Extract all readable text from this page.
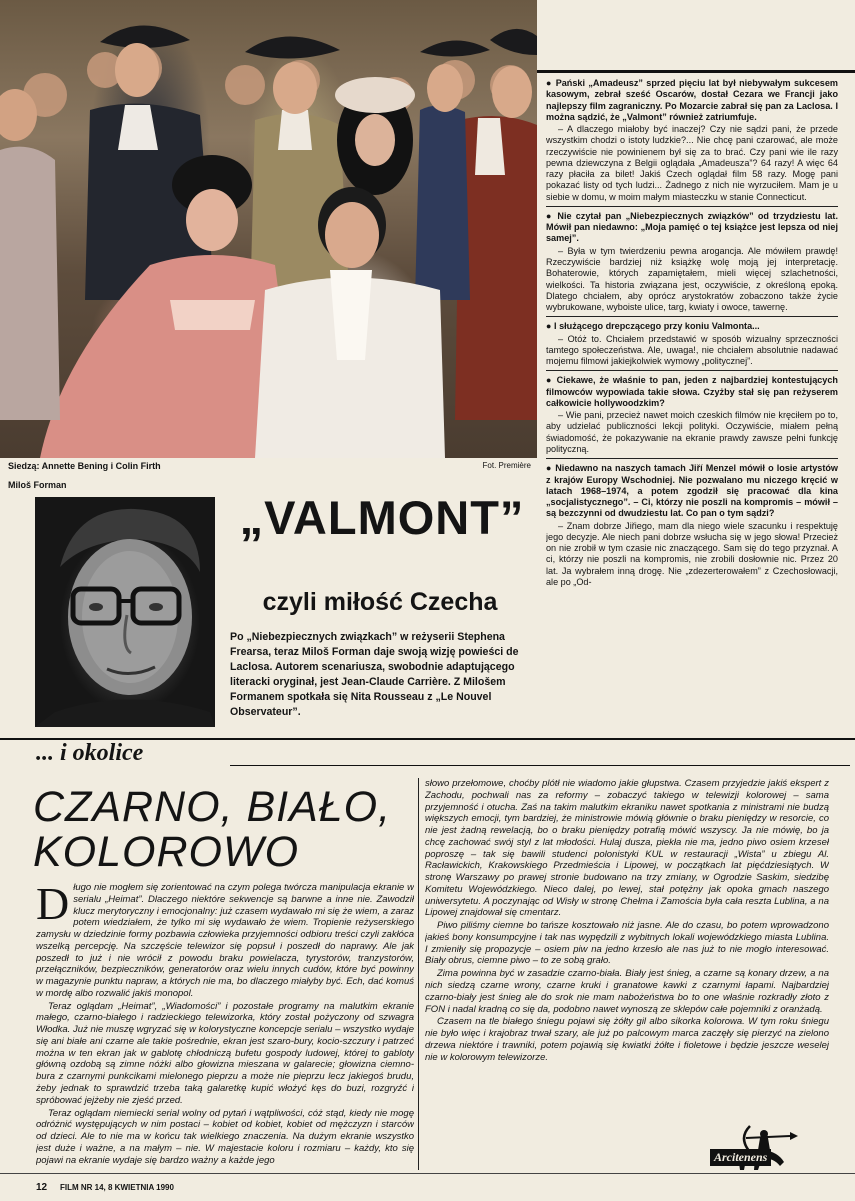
Siedzą: Annette Bening i Colin Firth	Fot. Première
Miloš Forman
„VALMONT”
czyli miłość Czecha

Po „Niebezpiecznych związkach” w reżyserii Stephena Frearsa, teraz Miloš Forman daje swoją wizję powieści de Laclosa. Autorem scenariusza, swobodnie adaptującego literacki oryginał, jest Jean-Claude Carrière. Z Milošem Formanem spotkała się Nita Rousseau z „Le Nouvel Observateur”.

● Pański „Amadeusz” sprzed pięciu lat był niebywałym sukcesem kasowym, zebrał sześć Oscarów, dostał Cezara we Francji jako najlepszy film zagraniczny. Po Mozarcie zabrał się pan za Laclosa. I można sądzić, że „Valmont” również zatriumfuje.

– A dlaczego miałoby być inaczej? Czy nie sądzi pani, że przede wszystkim chodzi o istoty ludzkie?... Nie chcę pani czarować, ale może rzeczywiście nie powinienem był się za to brać. Czy pani wie ile razy pewna dziewczyna z Belgii oglądała „Amadeusza”? 64 razy! A więc 64 razy płaciła za bilet! Jakiś Czech oglądał film 58 razy. Mogę pani pokazać listy od tych ludzi... Żadnego z nich nie wyrzuciłem. Mam je u siebie w domu, w moim małym miasteczku w stanie Connecticut.

● Nie czytał pan „Niebezpiecznych związków” od trzydziestu lat. Mówił pan niedawno: „Moja pamięć o tej książce jest lepsza od niej samej”.

– Była w tym twierdzeniu pewna arogancja. Ale mówiłem prawdę! Rzeczywiście bardziej niż książkę wolę moją jej interpretację. Bohaterowie, których zapamiętałem, mieli więcej szlachetności, wielkości. Ta historia związana jest, oczywiście, z określoną epoką. Dlatego chciałem, aby oprócz arystokratów zobaczono także życie wybrukowane, wyboiste ulice, targ, kwiaty i owoce, tawernę.

● I służącego drepczącego przy koniu Valmonta...

– Otóż to. Chciałem przedstawić w sposób wizualny sprzeczności tamtego społeczeństwa. Ale, uwaga!, nie chciałem absolutnie nadawać mojemu filmowi jakiejkolwiek wymowy „politycznej”.

● Ciekawe, że właśnie to pan, jeden z najbardziej kontestujących filmowców wypowiada takie słowa. Czyżby stał się pan reżyserem całkowicie hollywoodzkim?

– Wie pani, przecież nawet moich czeskich filmów nie kręciłem po to, aby udzielać publiczności lekcji polityki. Oczywiście, miałem pełną świadomość, że pokazywanie na ekranie prawdy zawsze pełni funkcję polityczną.

● Niedawno na naszych tamach Jiří Menzel mówił o losie artystów z krajów Europy Wschodniej. Nie pozwalano mu niczego kręcić w latach 1968–1974, a potem zgodził się pracować dla kina „socjalistycznego”. – Ci, którzy nie poszli na kompromis – mówił – są bezczynni od dwudziestu lat. Co pan o tym sądzi?

– Znam dobrze Jiřiego, mam dla niego wiele szacunku i respektuję jego decyzje. Ale niech pani dobrze wsłucha się w jego słowa! Przecież on nie zrobił w tym czasie nic znaczącego. Sam się do tego przyznał. A ci, którzy nie poszli na kompromis, nie zrobili dosłownie nic. Przez 20 lat. Ja wybrałem inną drogę. Nie „zdezerterowałem” z Czechosłowacji, ale po „Od-

... i okolice
CZARNO, BIAŁO,
KOLOROWO

Długo nie mogłem się zorientować na czym polega twórcza manipulacja ekranie w serialu „Heimat”. Dlaczego niektóre sekwencje są barwne a inne nie. Zawodził klucz merytoryczny i emocjonalny: już czasem wydawało mi się że wiem, a zaraz potem wiedziałem, że tylko mi się wydawało że wiem. Tropienie reżyserskiego zamysłu w dziedzinie formy pozbawia człowieka przyjemności odbioru treści czyli zakłóca wszelką percepcję. Na szczęście telewizor się popsuł i poszedł do naprawy. Ale jak poszedł to już i nie wrócił z powodu braku powielacza, tyrystorów, tranzystorów, przełączników, bezpieczników, generatorów oraz wielu innych cudów, które być powinny w magazynie punktu napraw, a których nie ma, bo dlaczego miałyby być. Ech, dać komuś w mordę albo rozwalić jakiś monopol.

Teraz oglądam „Heimat”, „Wiadomości” i pozostałe programy na malutkim ekranie małego, czarno-białego i radzieckiego telewizorka, który został pożyczony od szwagra Włodka. Już nie muszę wgryzać się w kolorystyczne koncepcje serialu – wszystko wydaje się ani białe ani czarne ale takie pośrednie, ekran jest szaro-bury, kocio-szczury i patrzeć można w ten ekran jak w gablotę chłodniczą bufetu gospody ludowej, której to gabloty główną ozdobą są zimne nóżki albo głowizna mieszana w galarecie; głowizna ciemno-bura z czarnymi punkcikami mielonego pieprzu a może nie pieprzu lecz jakiegoś brudu, żeby jednak to sprawdzić trzeba taką galaretkę kupić włożyć kęs do buzi, rozgryźć i spróbować jejżeby nie zjeść przed.

Teraz oglądam niemiecki serial wolny od pytań i wątpliwości, cóż stąd, kiedy nie mogę odróżnić występujących w nim postaci – kobiet od kobiet, kobiet od mężczyzn i starców od dzieci. Ale to nie ma w końcu tak wielkiego znaczenia. Na dużym ekranie wszystko jest duże i ważne, a na małym – nie. W majestacie koloru i rozmiaru – każdy, kto się pojawi na ekranie wydaje się bardzo ważny a każde jego

słowo przełomowe, choćby plótł nie wiadomo jakie głupstwa. Czasem przyjedzie jakiś ekspert z Zachodu, pochwali nas za reformy – zobaczyć takiego w telewizji kolorowej – sama przyjemność i otucha. Zaś na takim malutkim ekraniku nawet spotkania z ministrami nie budzą większych emocji, tym bardziej, że ministrowie mówią głównie o braku pieniędzy w resorcie, co nie jest żadną rewelacją, bo o braku pieniędzy potrafią mówić wszyscy. Ja nie mówię, bo ja chcę zachować swój styl z lat młodości. Hulaj dusza, piekła nie ma, jedno piwo osiem krzeseł poproszę – tak się bawili studenci polonistyki KUL w restauracji „Wista” u zbiegu Al. Racławickich, Krakowskiego Przedmieścia i Lipowej, w początkach lat pięćdziesiątych. W stronę Warszawy po prawej stronie budowano na trzy zmiany, w Ogrodzie Saskim, siedzibę Komitetu Wojewódzkiego. Nieco dalej, po lewej, stał potężny jak opoka gmach naszego uniwersytetu. A poczynając od Wisły w stronę Chełma i Zamościa była cała reszta Lublina, a na Lipowej znajdował się cmentarz.

Piwo piliśmy ciemne bo tańsze kosztowało niż jasne. Ale do czasu, bo potem wprowadzono jakieś bony konsumpcyjne i tak nas wypędzili z wybitnych lokali wojewódzkiego miasta Lublina. I zmieniły się propozycje – osiem piw na jedno krzesło ale nas już to nie mogło interesować. Biały obrus, ciemne piwo – to ze sobą grało.

Zima powinna być w zasadzie czarno-biała. Biały jest śnieg, a czarne są konary drzew, a na nich siedzą czarne wrony, czarne kruki i granatowe kawki z czarnymi łapami. Najbardziej czarno-biały jest śnieg ale do srok nie mam nabożeństwa bo to one właśnie rozkradły złoto z FON i nadal kradną co się da, podobno nawet wynoszą ze sklepów całe pojemniki z oranżadą.

Czasem na tle białego śniegu pojawi się żółty gil albo sikorka kolorowa. W tym roku śniegu nie było więc i krajobraz trwał szary, ale już po palcowym marca zaczęły się pierzyć na zielono drzewa niektóre i trawniki, potem pojawią się kwiatki żółte i fioletowe i będzie jeszcze weselej nie w kolorowym telewizorze.

Arcitenens
12 FILM NR 14, 8 KWIETNIA 1990
